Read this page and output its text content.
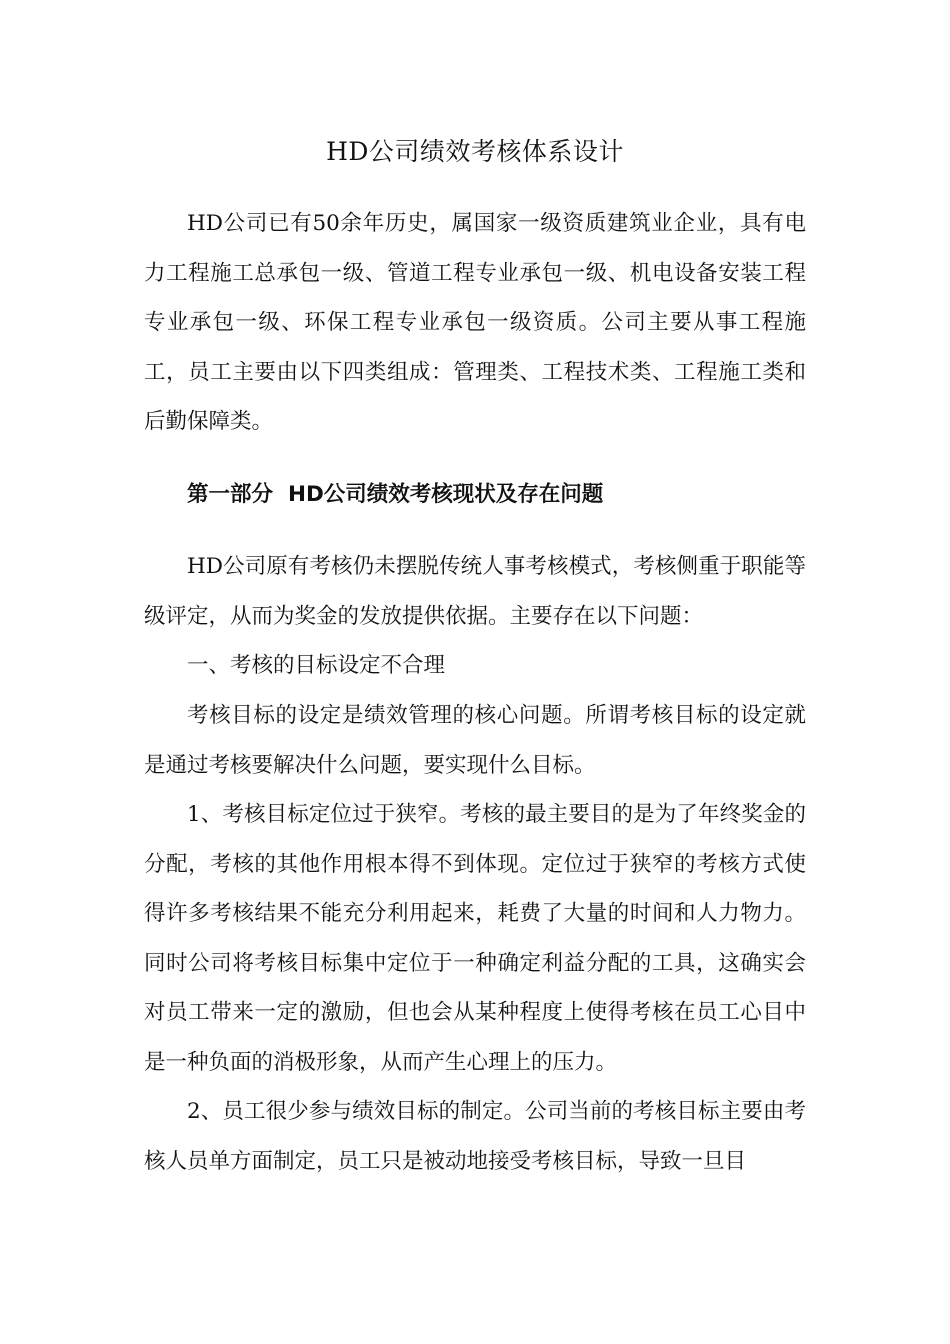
HD公司绩效考核体系设计

HD公司已有50余年历史，属国家一级资质建筑业企业，具有电力工程施工总承包一级、管道工程专业承包一级、机电设备安装工程专业承包一级、环保工程专业承包一级资质。公司主要从事工程施工，员工主要由以下四类组成：管理类、工程技术类、工程施工类和后勤保障类。

第一部分  HD公司绩效考核现状及存在问题

HD公司原有考核仍未摆脱传统人事考核模式，考核侧重于职能等级评定，从而为奖金的发放提供依据。主要存在以下问题：

一、考核的目标设定不合理

考核目标的设定是绩效管理的核心问题。所谓考核目标的设定就是通过考核要解决什么问题，要实现什么目标。

1、考核目标定位过于狭窄。考核的最主要目的是为了年终奖金的分配，考核的其他作用根本得不到体现。定位过于狭窄的考核方式使得许多考核结果不能充分利用起来，耗费了大量的时间和人力物力。同时公司将考核目标集中定位于一种确定利益分配的工具，这确实会对员工带来一定的激励，但也会从某种程度上使得考核在员工心目中是一种负面的消极形象，从而产生心理上的压力。

2、员工很少参与绩效目标的制定。公司当前的考核目标主要由考核人员单方面制定，员工只是被动地接受考核目标，导致一旦目
